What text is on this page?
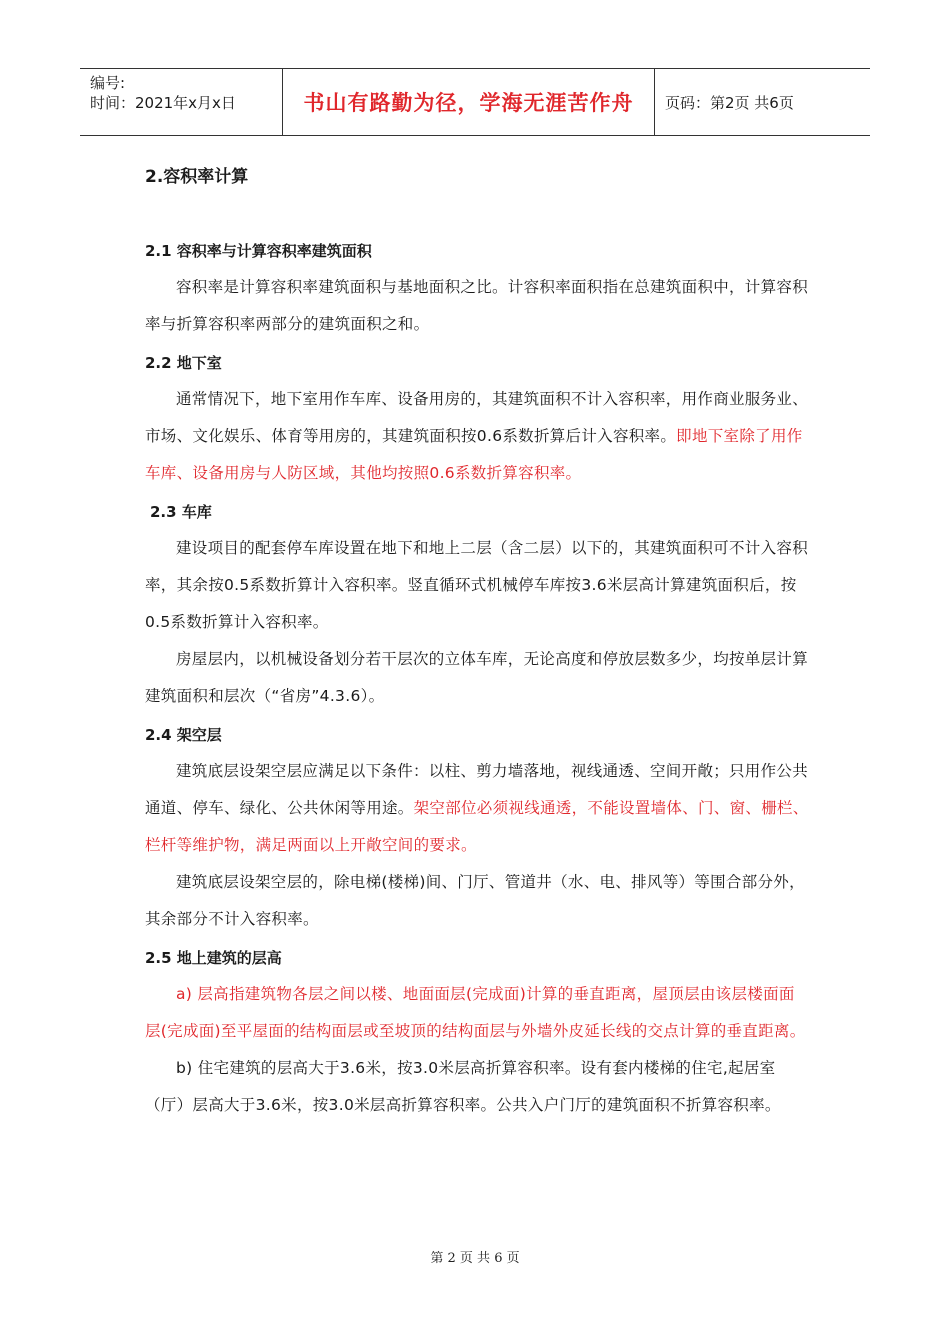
编号:
时间：2021年x月x日	书山有路勤为径，学海无涯苦作舟	页码：第2页 共6页
2.容积率计算
2.1 容积率与计算容积率建筑面积

容积率是计算容积率建筑面积与基地面积之比。计容积率面积指在总建筑面积中，计算容积率与折算容积率两部分的建筑面积之和。

2.2 地下室

通常情况下，地下室用作车库、设备用房的，其建筑面积不计入容积率，用作商业服务业、市场、文化娱乐、体育等用房的，其建筑面积按0.6系数折算后计入容积率。即地下室除了用作车库、设备用房与人防区域，其他均按照0.6系数折算容积率。

2.3 车库

建设项目的配套停车库设置在地下和地上二层（含二层）以下的，其建筑面积可不计入容积率，其余按0.5系数折算计入容积率。竖直循环式机械停车库按3.6米层高计算建筑面积后，按0.5系数折算计入容积率。

房屋层内，以机械设备划分若干层次的立体车库，无论高度和停放层数多少，均按单层计算建筑面积和层次（“省房”4.3.6）。

2.4 架空层

建筑底层设架空层应满足以下条件：以柱、剪力墙落地，视线通透、空间开敞；只用作公共通道、停车、绿化、公共休闲等用途。架空部位必须视线通透，不能设置墙体、门、窗、栅栏、栏杆等维护物，满足两面以上开敞空间的要求。

建筑底层设架空层的，除电梯(楼梯)间、门厅、管道井（水、电、排风等）等围合部分外，其余部分不计入容积率。

2.5 地上建筑的层高

a) 层高指建筑物各层之间以楼、地面面层(完成面)计算的垂直距离，屋顶层由该层楼面面层(完成面)至平屋面的结构面层或至坡顶的结构面层与外墙外皮延长线的交点计算的垂直距离。

b) 住宅建筑的层高大于3.6米，按3.0米层高折算容积率。设有套内楼梯的住宅,起居室（厅）层高大于3.6米，按3.0米层高折算容积率。公共入户门厅的建筑面积不折算容积率。

第 2 页 共 6 页
